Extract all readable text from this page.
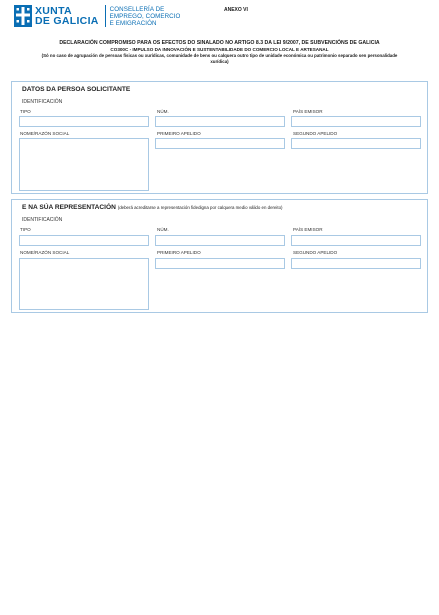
XUNTA
DE GALICIA
CONSELLERÍA DE
EMPREGO, COMERCIO
E EMIGRACIÓN
ANEXO VI
DECLARACIÓN COMPROMISO PARA OS EFECTOS DO SINALADO NO ARTIGO 8.3 DA LEI 9/2007, DE SUBVENCIÓNS DE GALICIA
CO300C - IMPULSO DA INNOVACIÓN E SUSTENTABILIDADE DO COMERCIO LOCAL E ARTESANAL
(Só no caso de agrupación de persoas físicas ou xurídicas, comunidade de bens ou calquera outro tipo de unidade económica ou patrimonio separado sen personalidade xurídica)
DATOS DA PERSOA SOLICITANTE
IDENTIFICACIÓN
TIPO	NÚM.	PAÍS EMISOR
NOME/RAZÓN SOCIAL	PRIMEIRO APELIDO	SEGUNDO APELIDO
E NA SÚA REPRESENTACIÓN (deberá acreditarse a representación fidedigna por calquera medio válido en dereito)
IDENTIFICACIÓN
TIPO	NÚM.	PAÍS EMISOR
NOME/RAZÓN SOCIAL	PRIMEIRO APELIDO	SEGUNDO APELIDO
